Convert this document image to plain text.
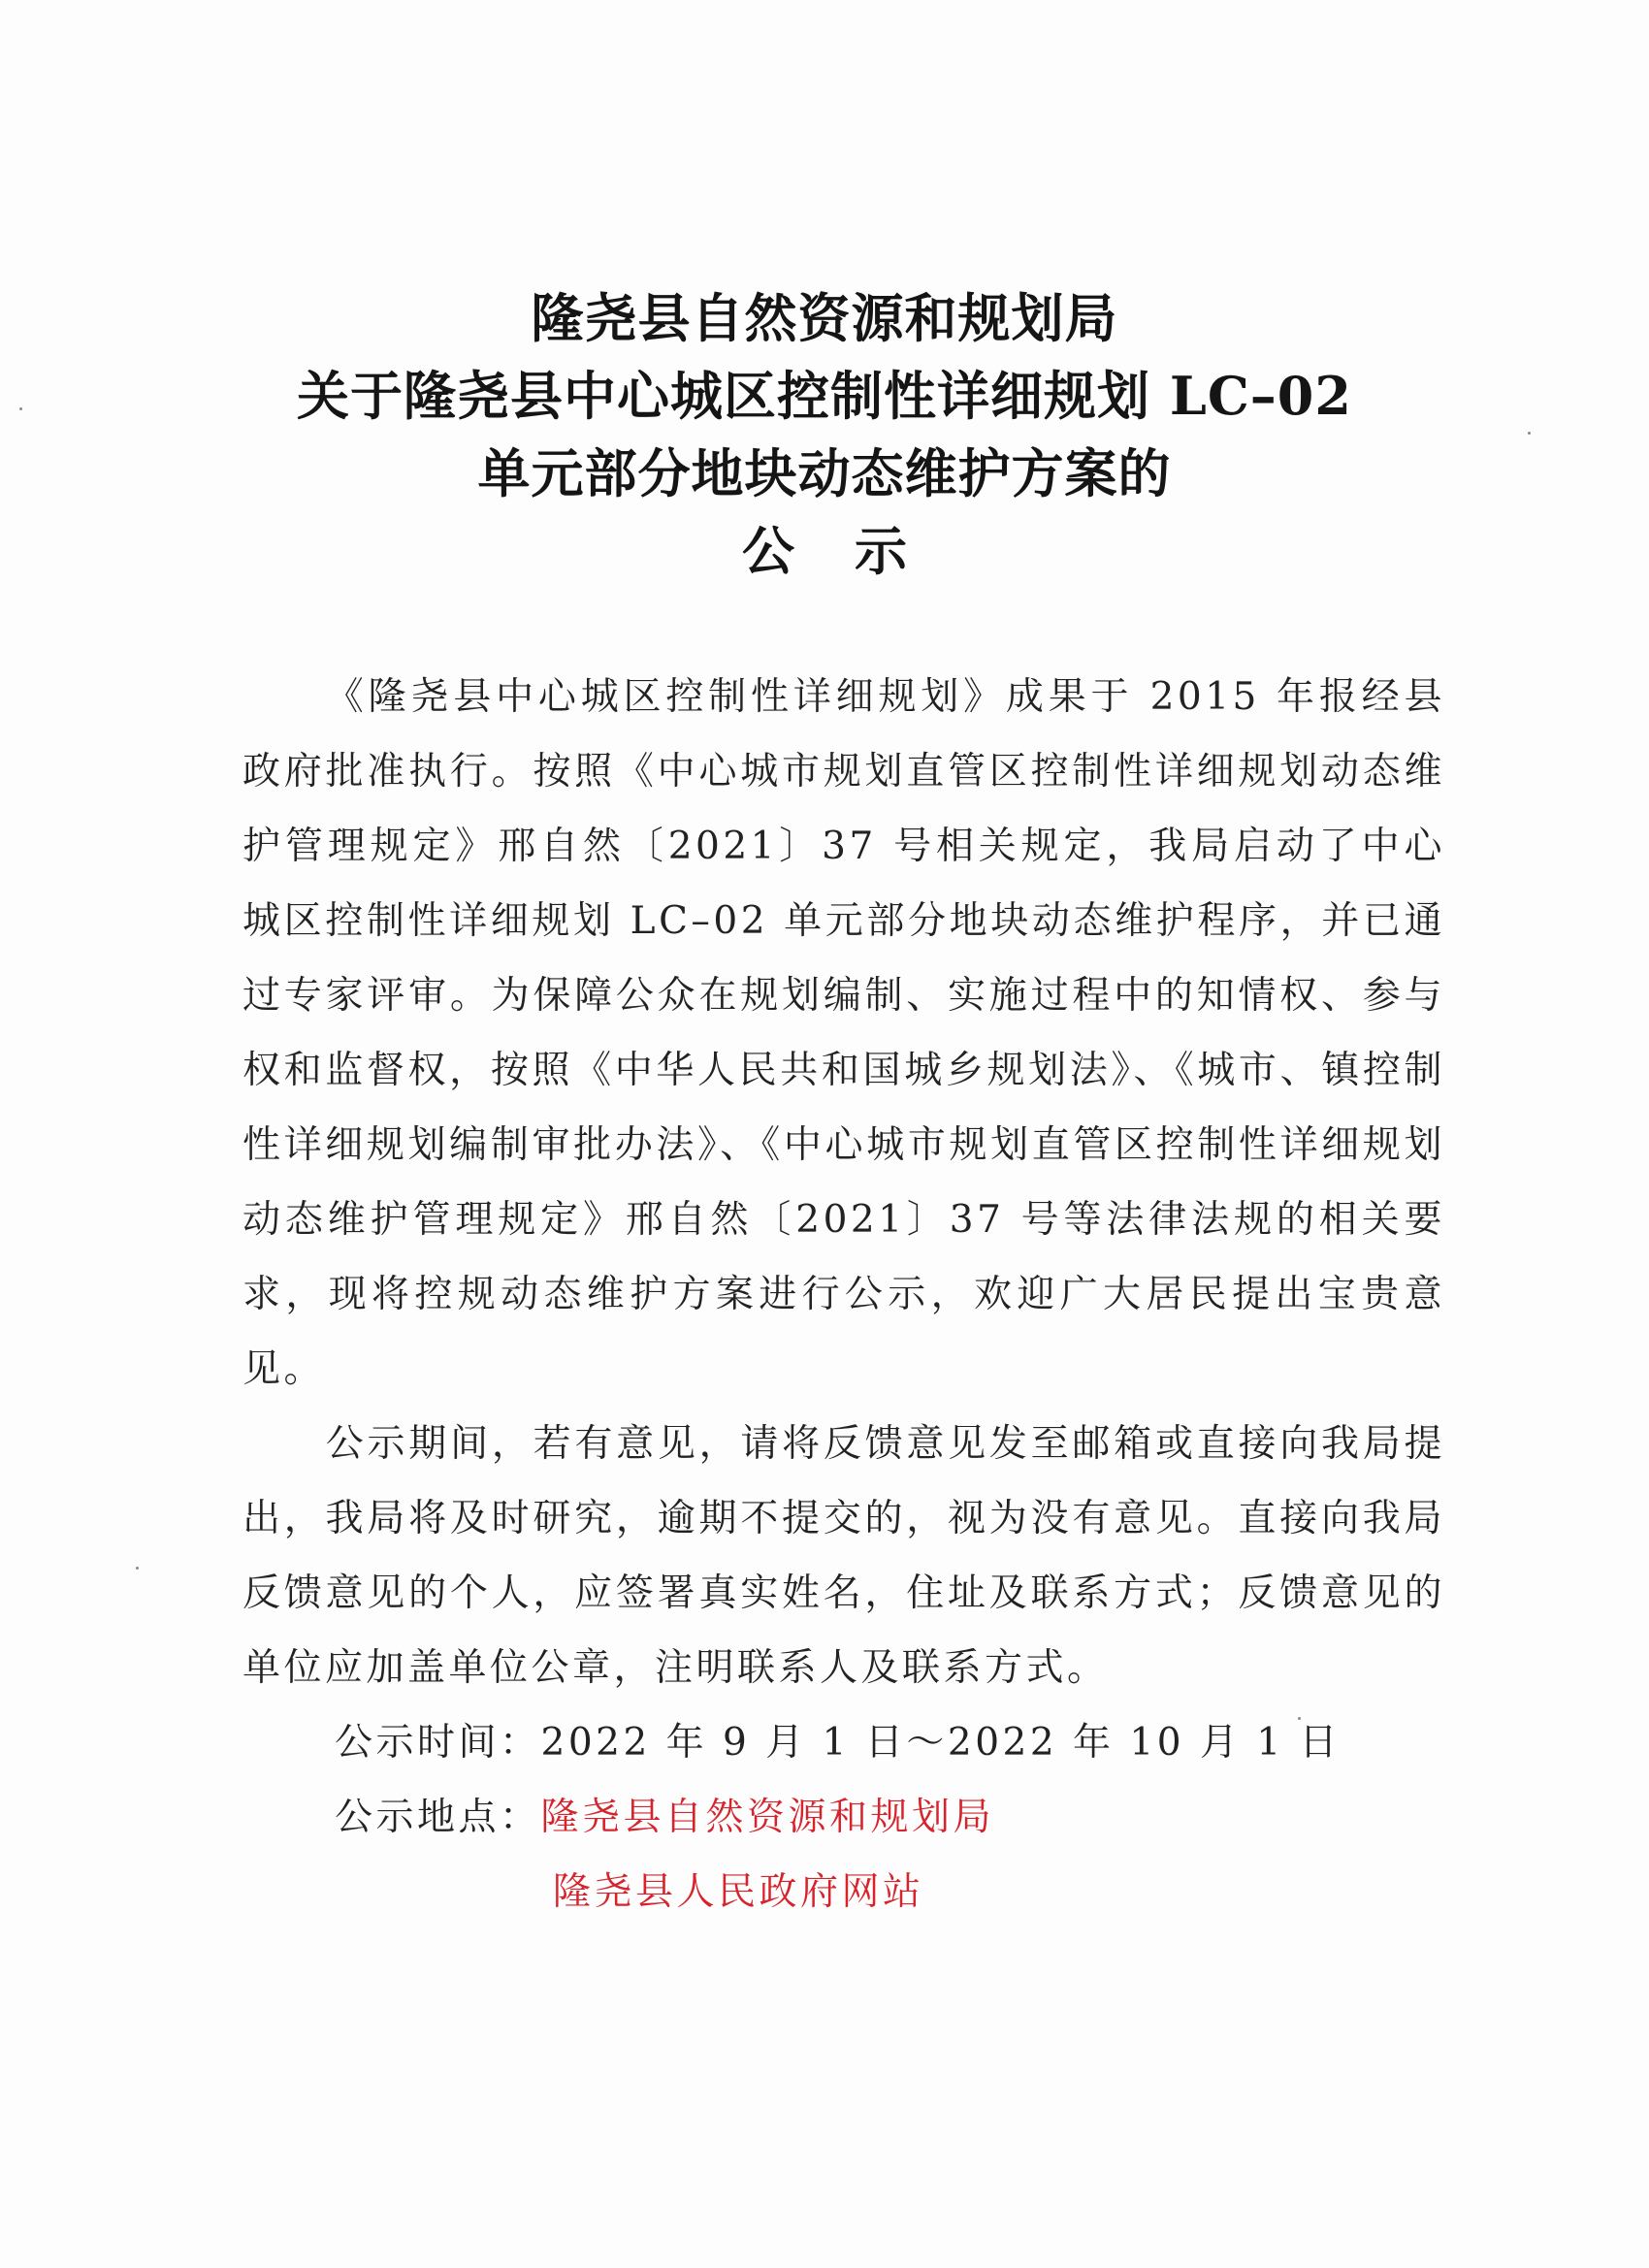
隆尧县自然资源和规划局
关于隆尧县中心城区控制性详细规划 LC–02
单元部分地块动态维护方案的
公示

《隆尧县中心城区控制性详细规划》成果于 2015 年报经县政府批准执行。按照《中心城市规划直管区控制性详细规划动态维护管理规定》邢自然〔2021〕37 号相关规定，我局启动了中心城区控制性详细规划 LC–02 单元部分地块动态维护程序，并已通过专家评审。为保障公众在规划编制、实施过程中的知情权、参与权和监督权，按照《中华人民共和国城乡规划法》、《城市、镇控制性详细规划编制审批办法》、《中心城市规划直管区控制性详细规划动态维护管理规定》邢自然〔2021〕37 号等法律法规的相关要求，现将控规动态维护方案进行公示，欢迎广大居民提出宝贵意见。

公示期间，若有意见，请将反馈意见发至邮箱或直接向我局提出，我局将及时研究，逾期不提交的，视为没有意见。直接向我局反馈意见的个人，应签署真实姓名，住址及联系方式；反馈意见的单位应加盖单位公章，注明联系人及联系方式。

公示时间：2022 年 9 月 1 日～2022 年 10 月 1 日

公示地点：隆尧县自然资源和规划局

隆尧县人民政府网站
